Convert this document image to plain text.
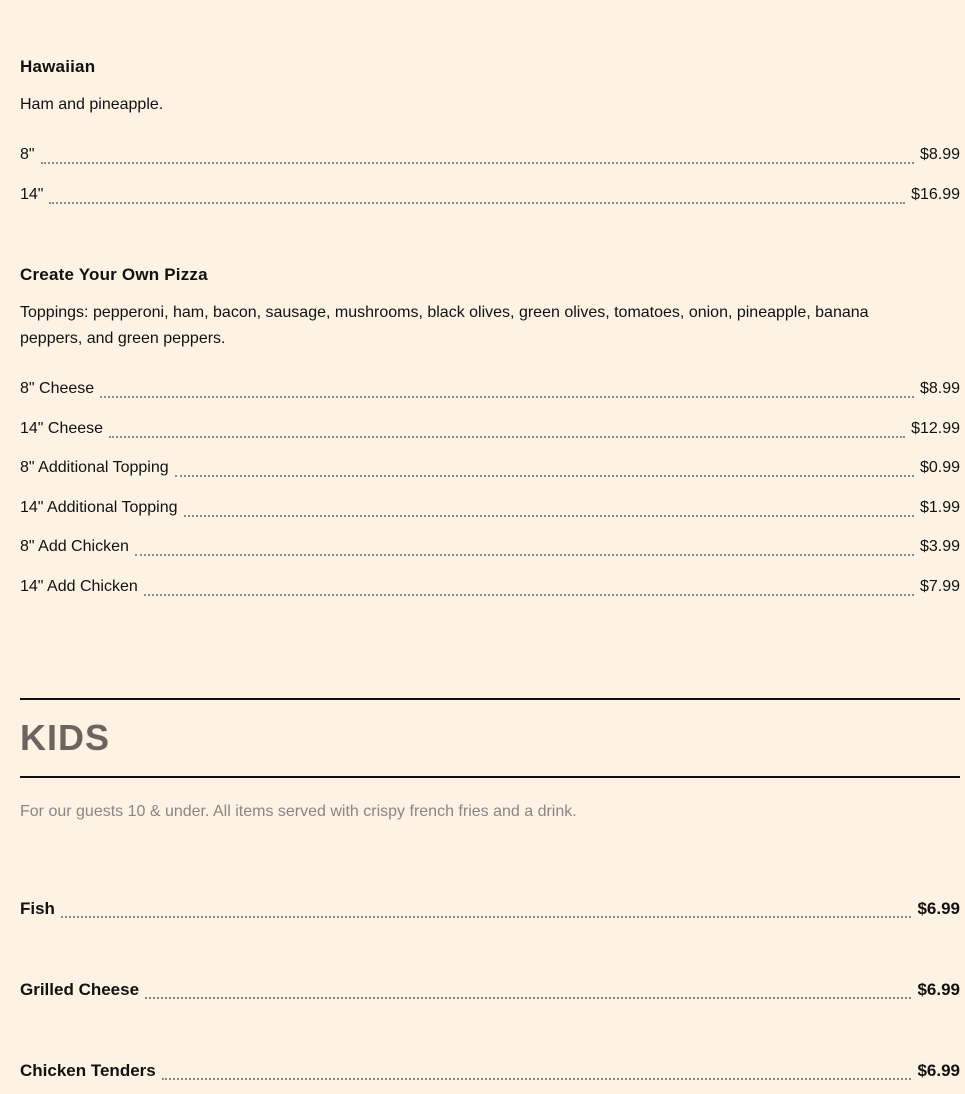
Hawaiian
Ham and pineapple.
8"	$8.99
14"	$16.99
Create Your Own Pizza
Toppings: pepperoni, ham, bacon, sausage, mushrooms, black olives, green olives, tomatoes, onion, pineapple, banana peppers, and green peppers.
8" Cheese	$8.99
14" Cheese	$12.99
8" Additional Topping	$0.99
14" Additional Topping	$1.99
8" Add Chicken	$3.99
14" Add Chicken	$7.99
KIDS
For our guests 10 & under. All items served with crispy french fries and a drink.
Fish	$6.99
Grilled Cheese	$6.99
Chicken Tenders	$6.99
